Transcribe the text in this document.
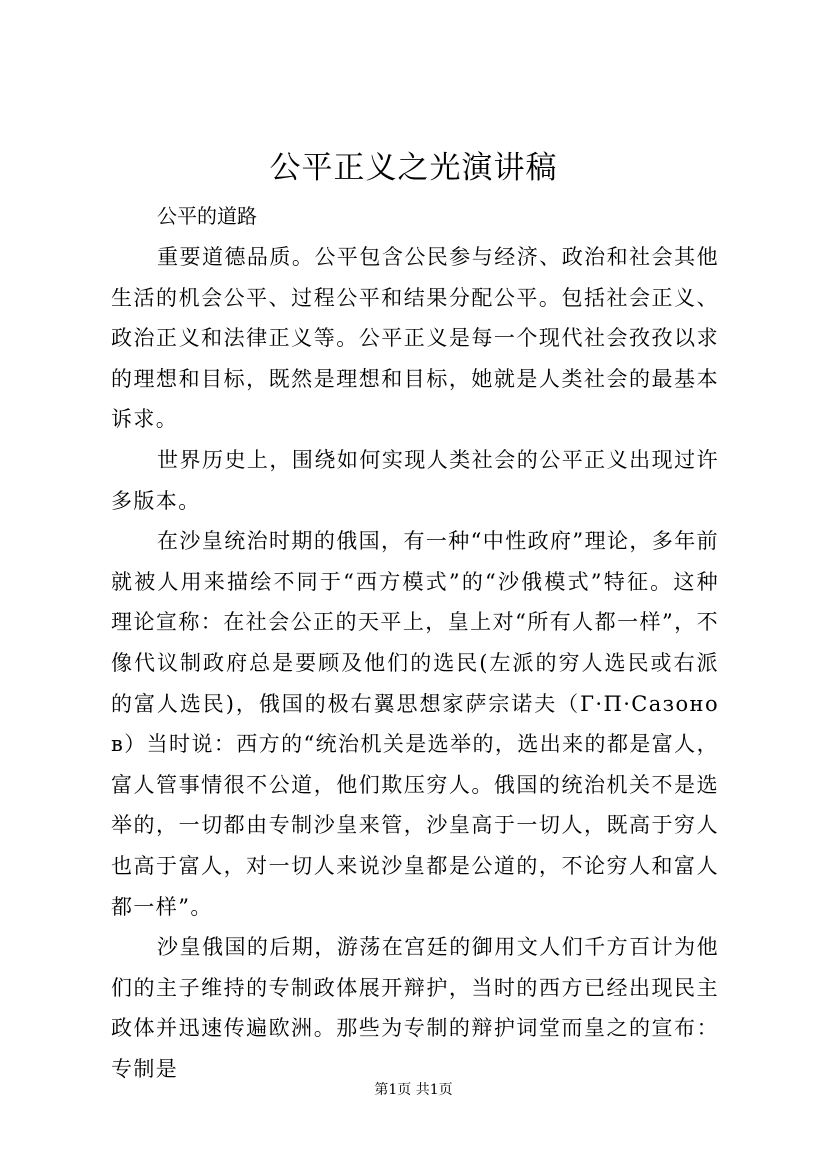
公平正义之光演讲稿

公平的道路

重要道德品质。公平包含公民参与经济、政治和社会其他生活的机会公平、过程公平和结果分配公平。包括社会正义、政治正义和法律正义等。公平正义是每一个现代社会孜孜以求的理想和目标，既然是理想和目标，她就是人类社会的最基本诉求。

世界历史上，围绕如何实现人类社会的公平正义出现过许多版本。

在沙皇统治时期的俄国，有一种“中性政府”理论，多年前就被人用来描绘不同于“西方模式”的“沙俄模式”特征。这种理论宣称：在社会公正的天平上，皇上对“所有人都一样”，不像代议制政府总是要顾及他们的选民(左派的穷人选民或右派的富人选民)，俄国的极右翼思想家萨宗诺夫（Г·П·Сазонов）当时说：西方的“统治机关是选举的，选出来的都是富人，富人管事情很不公道，他们欺压穷人。俄国的统治机关不是选举的，一切都由专制沙皇来管，沙皇高于一切人，既高于穷人也高于富人，对一切人来说沙皇都是公道的，不论穷人和富人都一样”。

沙皇俄国的后期，游荡在宫廷的御用文人们千方百计为他们的主子维持的专制政体展开辩护，当时的西方已经出现民主政体并迅速传遍欧洲。那些为专制的辩护词堂而皇之的宣布：专制是

第1页 共1页
